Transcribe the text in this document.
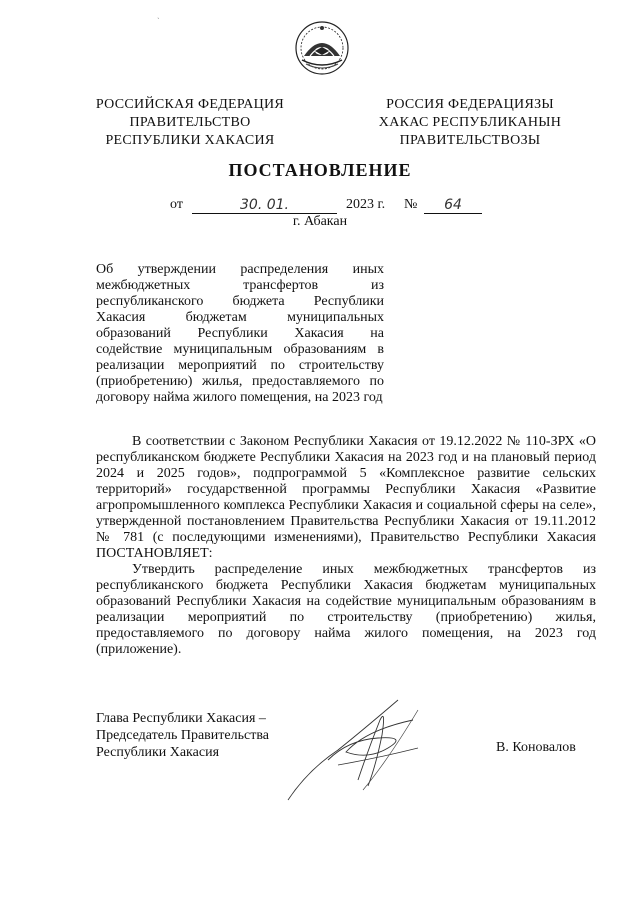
ˎ
РОССИЙСКАЯ ФЕДЕРАЦИЯ
ПРАВИТЕЛЬСТВО
РЕСПУБЛИКИ ХАКАСИЯ
РОССИЯ ФЕДЕРАЦИЯЗЫ
ХАКАС РЕСПУБЛИКАНЫН
ПРАВИТЕЛЬСТВОЗЫ
ПОСТАНОВЛЕНИЕ
от	30. 01.	2023 г. №	64
г. Абакан
Об утверждении распределения иных межбюджетных трансфертов из республиканского бюджета Республики Хакасия бюджетам муниципальных образований Республики Хакасия на содействие муниципальным образованиям в реализации мероприятий по строительству (приобретению) жилья, предоставляемого по договору найма жилого помещения, на 2023 год
В соответствии с Законом Республики Хакасия от 19.12.2022 № 110-ЗРХ «О республиканском бюджете Республики Хакасия на 2023 год и на плановый период 2024 и 2025 годов», подпрограммой 5 «Комплексное развитие сельских территорий» государственной программы Республики Хакасия «Развитие агропромышленного комплекса Республики Хакасия и социальной сферы на селе», утвержденной постановлением Правительства Республики Хакасия от 19.11.2012 № 781 (с последующими изменениями), Правительство Республики Хакасия ПОСТАНОВЛЯЕТ:
Утвердить распределение иных межбюджетных трансфертов из республиканского бюджета Республики Хакасия бюджетам муниципальных образований Республики Хакасия на содействие муниципальным образованиям в реализации мероприятий по строительству (приобретению) жилья, предоставляемого по договору найма жилого помещения, на 2023 год (приложение).
Глава Республики Хакасия –
Председатель Правительства
Республики Хакасия	В. Коновалов
